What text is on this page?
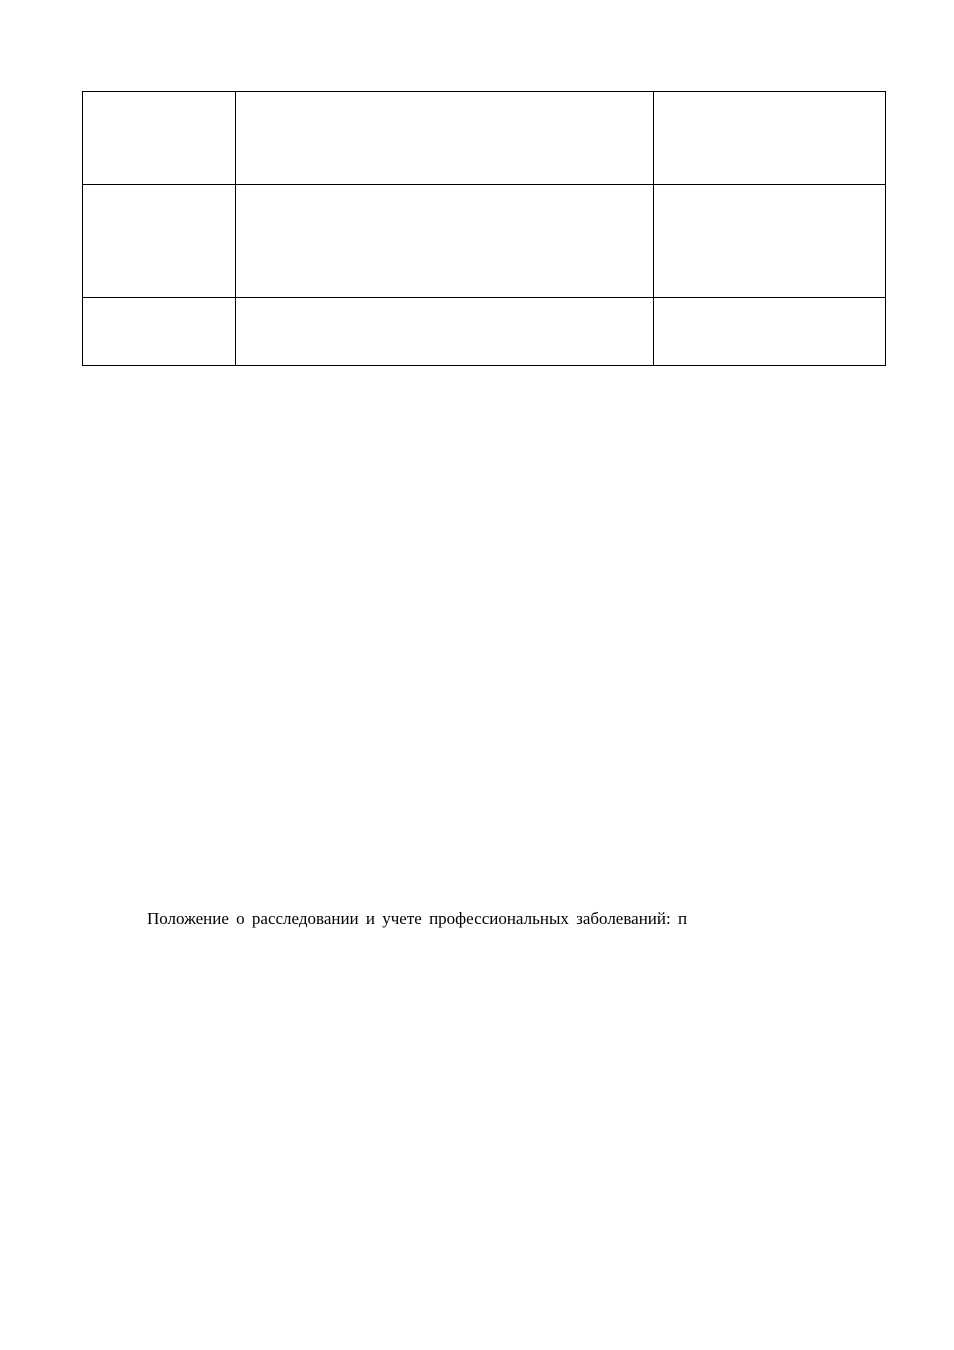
Положение о расследовании и учете профессиональных заболеваний: п
